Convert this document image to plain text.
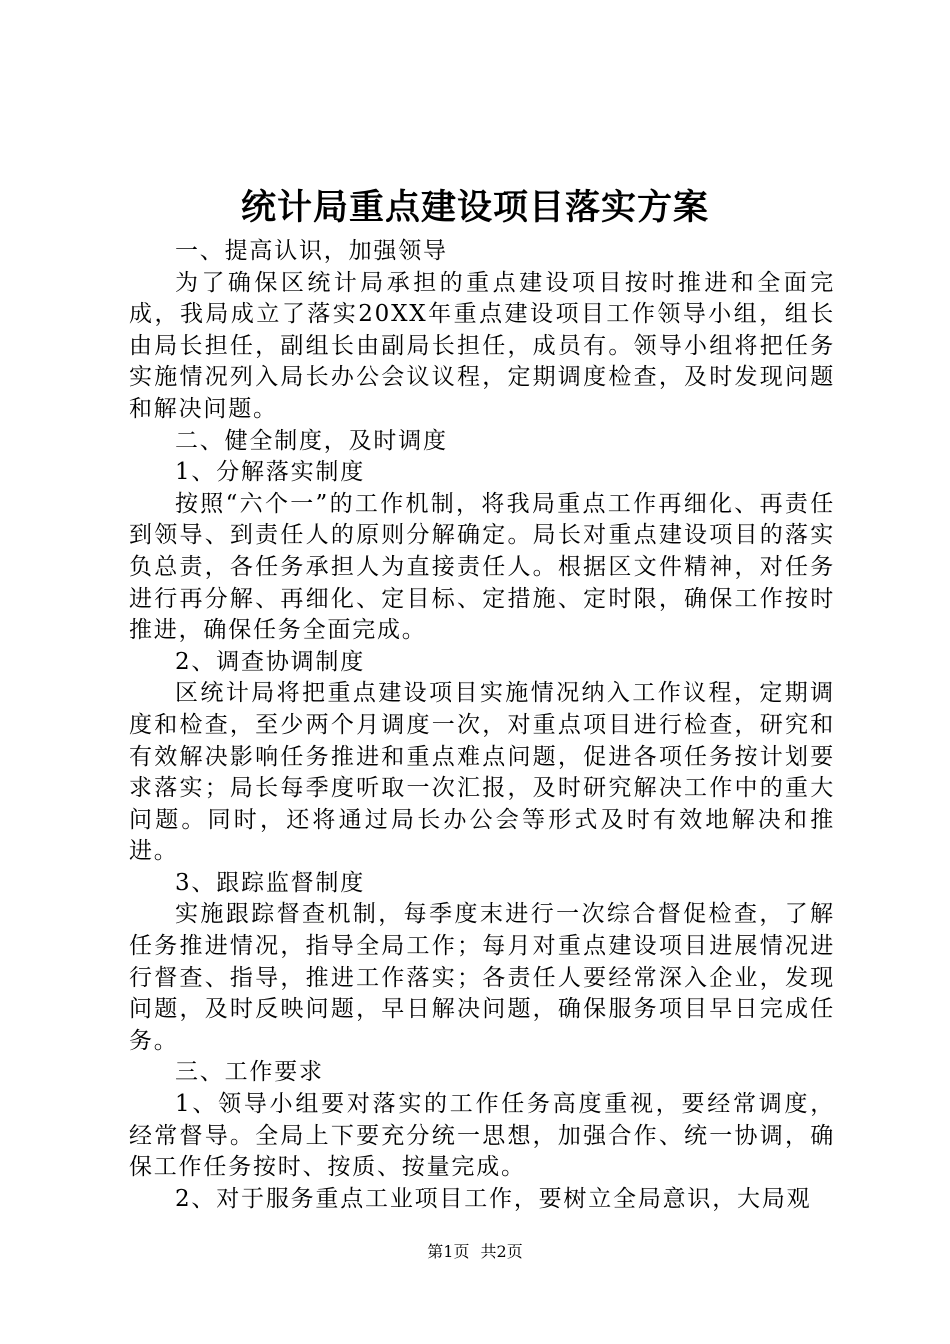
统计局重点建设项目落实方案

一、提高认识，加强领导

为了确保区统计局承担的重点建设项目按时推进和全面完成，我局成立了落实20XX年重点建设项目工作领导小组，组长由局长担任，副组长由副局长担任，成员有。领导小组将把任务实施情况列入局长办公会议议程，定期调度检查，及时发现问题和解决问题。

二、健全制度，及时调度

1、分解落实制度

按照“六个一”的工作机制，将我局重点工作再细化、再责任到领导、到责任人的原则分解确定。局长对重点建设项目的落实负总责，各任务承担人为直接责任人。根据区文件精神，对任务进行再分解、再细化、定目标、定措施、定时限，确保工作按时推进，确保任务全面完成。

2、调查协调制度

区统计局将把重点建设项目实施情况纳入工作议程，定期调度和检查，至少两个月调度一次，对重点项目进行检查，研究和有效解决影响任务推进和重点难点问题，促进各项任务按计划要求落实；局长每季度听取一次汇报，及时研究解决工作中的重大问题。同时，还将通过局长办公会等形式及时有效地解决和推进。

3、跟踪监督制度

实施跟踪督查机制，每季度末进行一次综合督促检查，了解任务推进情况，指导全局工作；每月对重点建设项目进展情况进行督查、指导，推进工作落实；各责任人要经常深入企业，发现问题，及时反映问题，早日解决问题，确保服务项目早日完成任务。

三、工作要求

1、领导小组要对落实的工作任务高度重视，要经常调度，经常督导。全局上下要充分统一思想，加强合作、统一协调，确保工作任务按时、按质、按量完成。

2、对于服务重点工业项目工作，要树立全局意识，大局观

第1页 共2页
